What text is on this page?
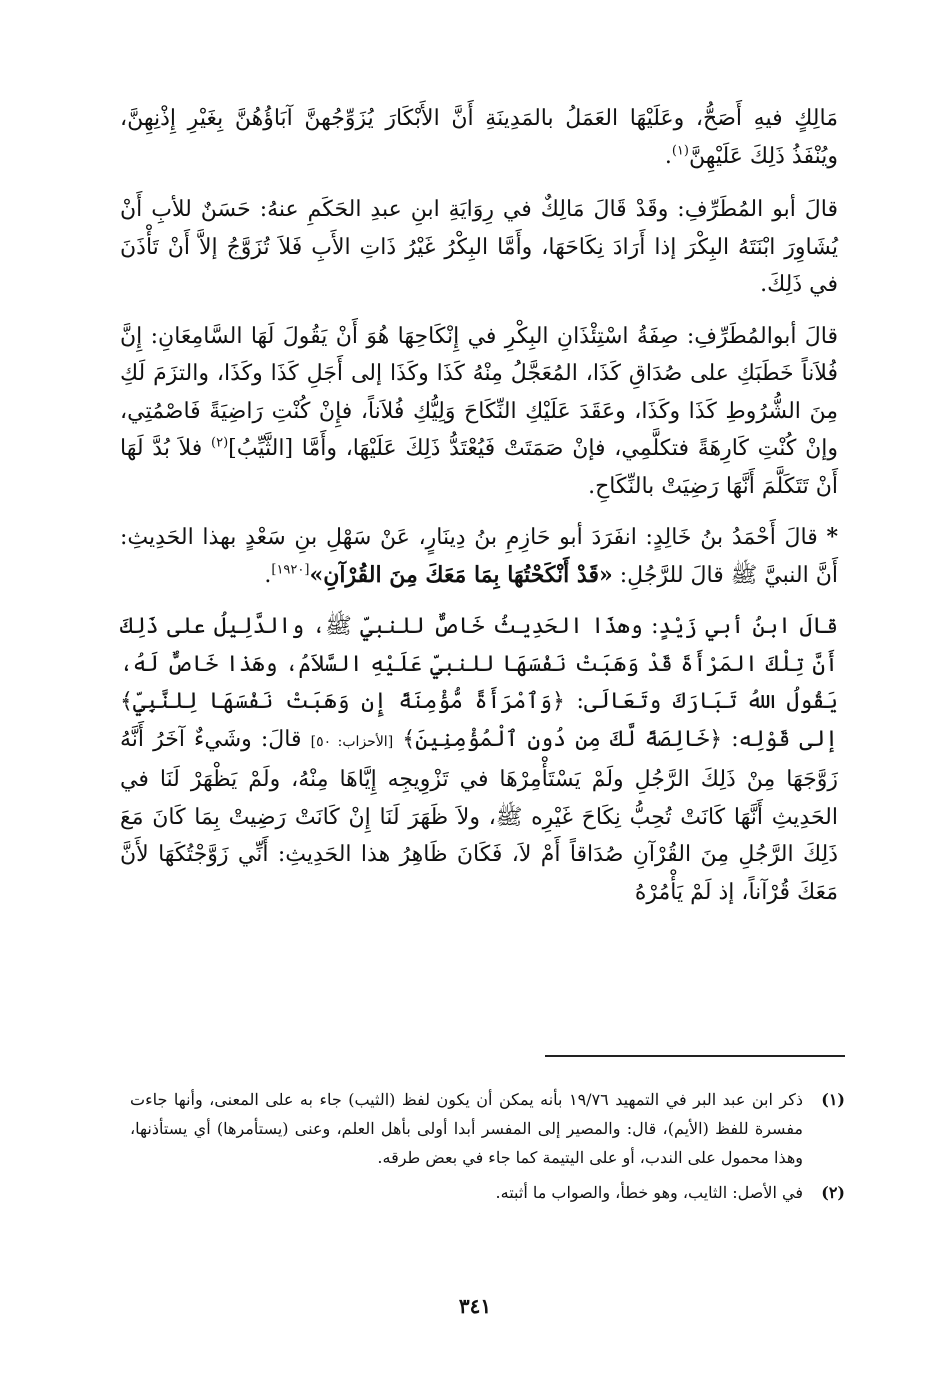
مَالِكٍ فيهِ أَصَحُّ، وعَلَيْهَا العَمَلُ بالمَدِينَةِ أَنَّ الأَبْكَارَ يُزَوِّجُهنَّ آبَاؤُهُنَّ بِغَيْرِ إِذْنِهِنَّ، ويُنْفَذُ ذَلِكَ عَلَيْهِنَّ$^{(١)}$.

قالَ أبو المُطَرِّفِ: وقَدْ قَالَ مَالِكٌ في رِوَايَةِ ابنِ عبدِ الحَكَمِ عنهُ: حَسَنٌ للأبِ أَنْ يُشَاوِرَ ابْنَتَهُ البِكْرَ إذا أَرَادَ نِكَاحَهَا، وأَمَّا البِكْرُ غَيْرُ ذَاتِ الأَبِ فَلاَ تُزَوَّجُ إلاَّ أَنْ تَأْذَنَ في ذَلِكَ.

قالَ أبوالمُطَرِّفِ: صِفَةُ اسْتِئْذَانِ البِكْرِ في إِنْكَاحِهَا هُوَ أَنْ يَقُولَ لَهَا السَّامِعَانِ: إِنَّ فُلاَناً خَطَبَكِ على صُدَاقِ كَذَا، المُعَجَّلُ مِنْهُ كَذَا وكَذَا إلى أَجَلِ كَذَا وكَذَا، والتزَمَ لَكِ مِنَ الشُّرُوطِ كَذَا وكَذَا، وعَقَدَ عَلَيْكِ النِّكَاحَ وَلِيُّكِ فُلاَناً، فإِنْ كُنْتِ رَاضِيَةً فَاصْمُتِي، وإنْ كُنْتِ كَارِهَةً فتكلَّمِي، فإنْ صَمَتَتْ فَيُعْتَدُّ ذَلِكَ عَلَيْهَا، وأَمَّا [الثَّيِّبُ]$^{(٢)}$ فلاَ بُدَّ لَهَا أَنْ تَتَكَلَّمَ أَنَّهَا رَضِيَتْ بالنِّكَاحِ.

* قالَ أَحْمَدُ بنُ خَالِدٍ: انفَرَدَ أبو حَازِمِ بنُ دِينَارٍ، عَنْ سَهْلِ بنِ سَعْدٍ بهذا الحَدِيثِ: أَنَّ النبيَّ ﷺ قالَ للرَّجُلِ: «قَدْ أَنْكَحْتُهَا بِمَا مَعَكَ مِنَ القُرْآنِ»[١٩٢٠].

قالَ ابنُ أبي زَيْدٍ: وهذَا الحَدِيثُ خَاصٌّ للنبيِّ ﷺ، والدَّلِيلُ على ذَلِكَ أَنَّ تِلْكَ المَرْأَةَ قَدْ وَهَبَتْ نَفْسَهَا للنبيِّ عَلَيْهِ السَّلاَمُ، وهَذا خَاصٌّ لَهُ، يَقُولُ اللهُ تَبَارَكَ وتَعَالَى: ﴿وَٱمْرَأَةً مُّؤْمِنَةً إِن وَهَبَتْ نَفْسَهَا لِلنَّبِيِّ﴾ إلى قَوْلِه: ﴿خَالِصَةً لَّكَ مِن دُونِ ٱلْمُؤْمِنِينَ﴾ [الأحزاب: ٥٠] قالَ: وشَيءٌ آخَرُ أَنَّهُ زَوَّجَهَا مِنْ ذَلِكَ الرَّجُلِ ولَمْ يَسْتَأْمِرْهَا في تَزْوِيجِه إِيَّاهَا مِنْهُ، ولَمْ يَظْهَرْ لَنَا في الحَدِيثِ أَنَّهَا كَانَتْ تُحِبُّ نِكَاحَ غَيْرِه ﷺ، ولاَ ظَهَرَ لَنَا إِنْ كَانَتْ رَضِيتْ بِمَا كَانَ مَعَ ذَلِكَ الرَّجُلِ مِنَ القُرْآنِ صُدَاقاً أَمْ لاَ، فَكَانَ ظَاهِرُ هذا الحَدِيثِ: أَنِّي زَوَّجْتُكَهَا لأَنَّ مَعَكَ قُرْآناً، إذ لَمْ يَأْمُرْهُ

(١)
ذكر ابن عبد البر في التمهيد ١٩/٧٦ بأنه يمكن أن يكون لفظ (الثيب) جاء به على المعنى، وأنها جاءت مفسرة للفظ (الأيم)، قال: والمصير إلى المفسر أبدا أولى بأهل العلم، وعنى (يستأمرها) أي يستأذنها، وهذا محمول على الندب، أو على اليتيمة كما جاء في بعض طرقه.
(٢)
في الأصل: الثايب، وهو خطأ، والصواب ما أثبته.
٣٤١
